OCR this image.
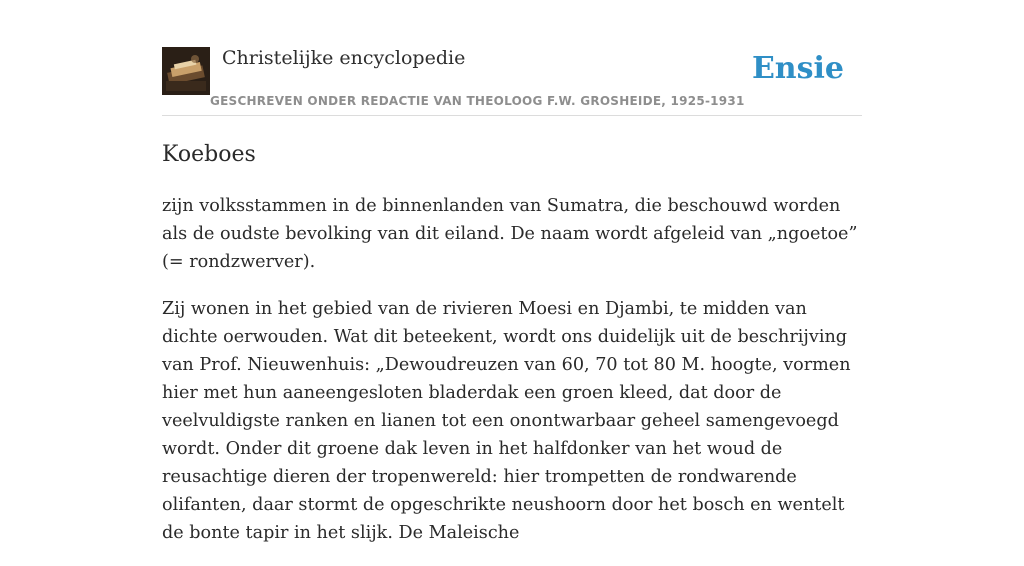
Christelijke encyclopedie
GESCHREVEN ONDER REDACTIE VAN THEOLOOG F.W. GROSHEIDE, 1925-1931
Ensie
Koeboes

zijn volksstammen in de binnenlanden van Sumatra, die beschouwd worden als de oudste bevolking van dit eiland. De naam wordt afgeleid van „ngoetoe” (= rondzwerver).

Zij wonen in het gebied van de rivieren Moesi en Djambi, te midden van dichte oerwouden. Wat dit beteekent, wordt ons duidelijk uit de beschrijving van Prof. Nieuwenhuis: „Dewoudreuzen van 60, 70 tot 80 M. hoogte, vormen hier met hun aaneengesloten bladerdak een groen kleed, dat door de veelvuldigste ranken en lianen tot een onontwarbaar geheel samengevoegd wordt. Onder dit groene dak leven in het halfdonker van het woud de reusachtige dieren der tropenwereld: hier trompetten de rondwarende olifanten, daar stormt de opgeschrikte neushoorn door het bosch en wentelt de bonte tapir in het slijk. De Maleische
